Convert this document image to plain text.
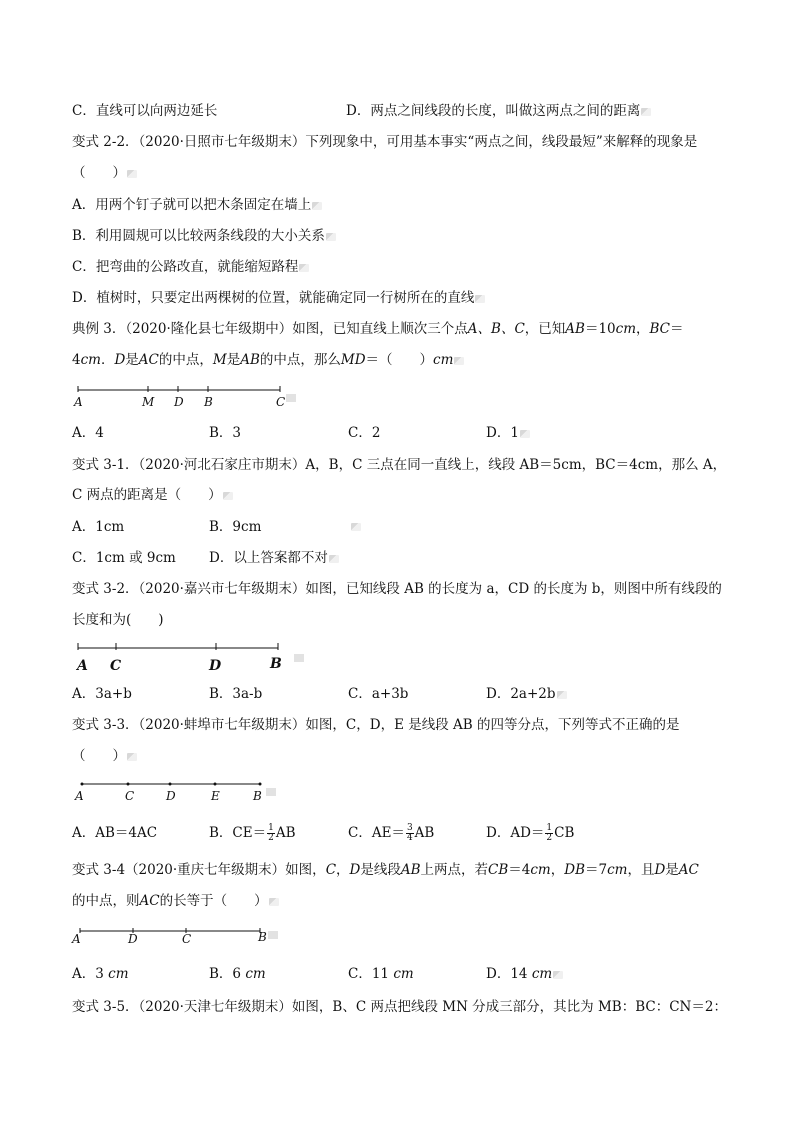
C．直线可以向两边延长	D．两点之间线段的长度，叫做这两点之间的距离
变式 2-2．（2020·日照市七年级期末）下列现象中，可用基本事实“两点之间，线段最短”来解释的现象是
（　　）
A．用两个钉子就可以把木条固定在墙上
B．利用圆规可以比较两条线段的大小关系
C．把弯曲的公路改直，就能缩短路程
D．植树时，只要定出两棵树的位置，就能确定同一行树所在的直线
典例 3．（2020·隆化县七年级期中）如图，已知直线上顺次三个点A、B、C，已知AB＝10cm，BC＝
4cm．D是AC的中点，M是AB的中点，那么MD＝（　　）cm
A	M D B	C
A．4	B．3	C．2	D．1
变式 3-1．（2020·河北石家庄市期末）A，B，C 三点在同一直线上，线段 AB＝5cm，BC＝4cm，那么 A，
C 两点的距离是（　　）
A．1cm	B．9cm
C．1cm 或 9cm D．以上答案都不对
变式 3-2．（2020·嘉兴市七年级期末）如图，已知线段 AB 的长度为 a，CD 的长度为 b，则图中所有线段的
长度和为(　　)
A C	D	B
A．3a+b	B．3a-b	C．a+3b	D．2a+2b
变式 3-3．（2020·蚌埠市七年级期末）如图，C，D，E 是线段 AB 的四等分点，下列等式不正确的是
（　　）
A	C	D	E	B
A．AB＝4AC	B．$CE= \frac{1}{2}$ AB	C．$AE= \frac{3}{4}$ AB	D．$AD= \frac{1}{2}$ CB
变式 3-4（2020·重庆七年级期末）如图，C，D是线段AB上两点，若CB＝4cm，DB＝7cm，且D是AC
的中点，则AC的长等于（　　）
A	D	C	B
A．3 cm	B．6 cm	C．11 cm	D．14 cm
变式 3-5．（2020·天津七年级期末）如图，B、C 两点把线段 MN 分成三部分，其比为 MB：BC：CN＝2：
